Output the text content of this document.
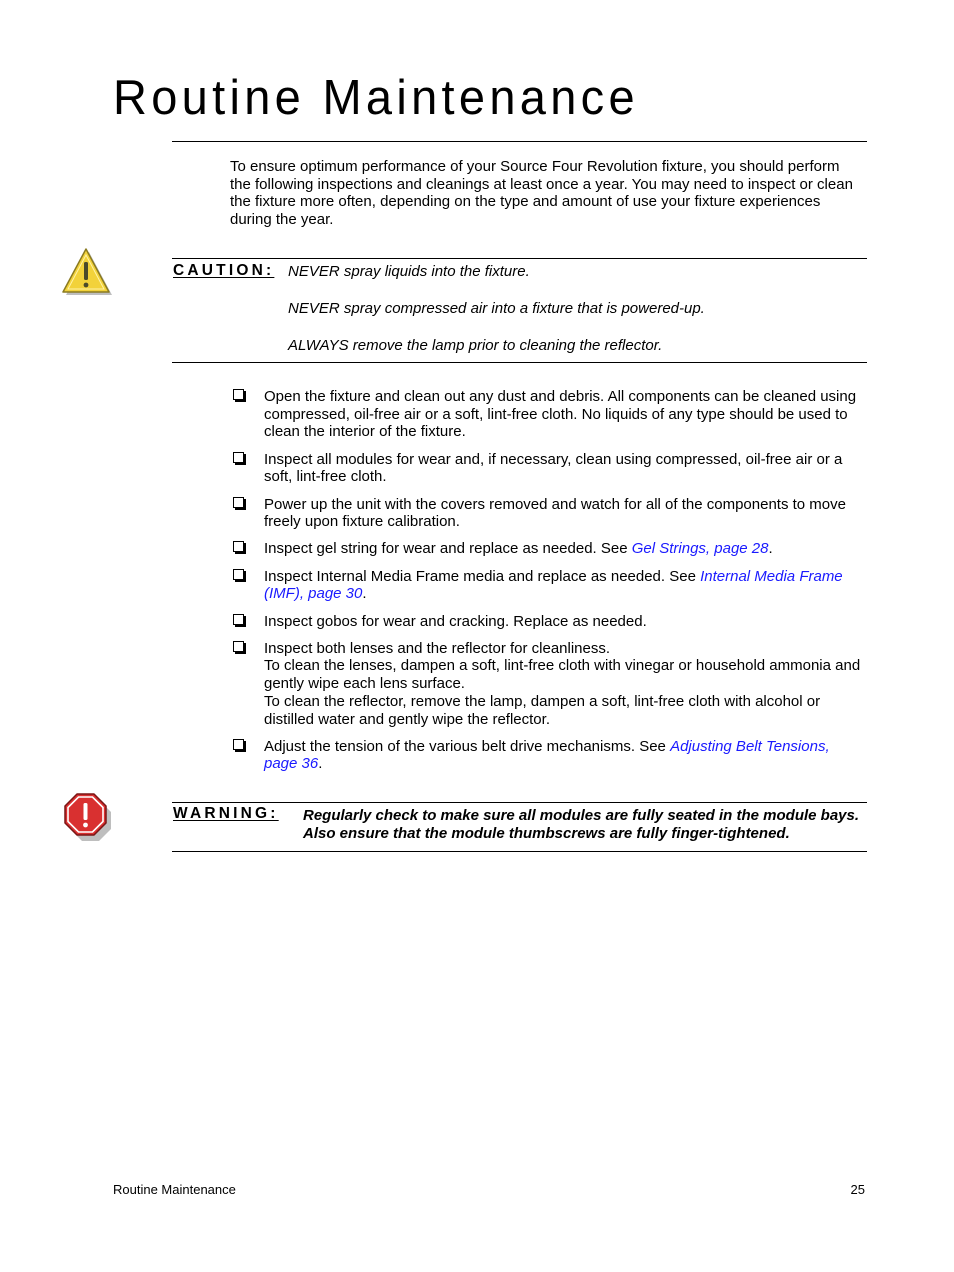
Routine Maintenance

To ensure optimum performance of your Source Four Revolution fixture, you should perform the following inspections and cleanings at least once a year. You may need to inspect or clean the fixture more often, depending on the type and amount of use your fixture experiences during the year.

CAUTION: NEVER spray liquids into the fixture.
NEVER spray compressed air into a fixture that is powered-up.
ALWAYS remove the lamp prior to cleaning the reflector.
Open the fixture and clean out any dust and debris. All components can be cleaned using compressed, oil-free air or a soft, lint-free cloth. No liquids of any type should be used to clean the interior of the fixture.
Inspect all modules for wear and, if necessary, clean using compressed, oil-free air or a soft, lint-free cloth.
Power up the unit with the covers removed and watch for all of the components to move freely upon fixture calibration.
Inspect gel string for wear and replace as needed. See Gel Strings, page 28.
Inspect Internal Media Frame media and replace as needed. See Internal Media Frame (IMF), page 30.
Inspect gobos for wear and cracking. Replace as needed.
Inspect both lenses and the reflector for cleanliness.
To clean the lenses, dampen a soft, lint-free cloth with vinegar or household ammonia and gently wipe each lens surface.
To clean the reflector, remove the lamp, dampen a soft, lint-free cloth with alcohol or distilled water and gently wipe the reflector.
Adjust the tension of the various belt drive mechanisms. See Adjusting Belt Tensions, page 36.
WARNING: Regularly check to make sure all modules are fully seated in the module bays. Also ensure that the module thumbscrews are fully finger-tightened.

Routine Maintenance	25
